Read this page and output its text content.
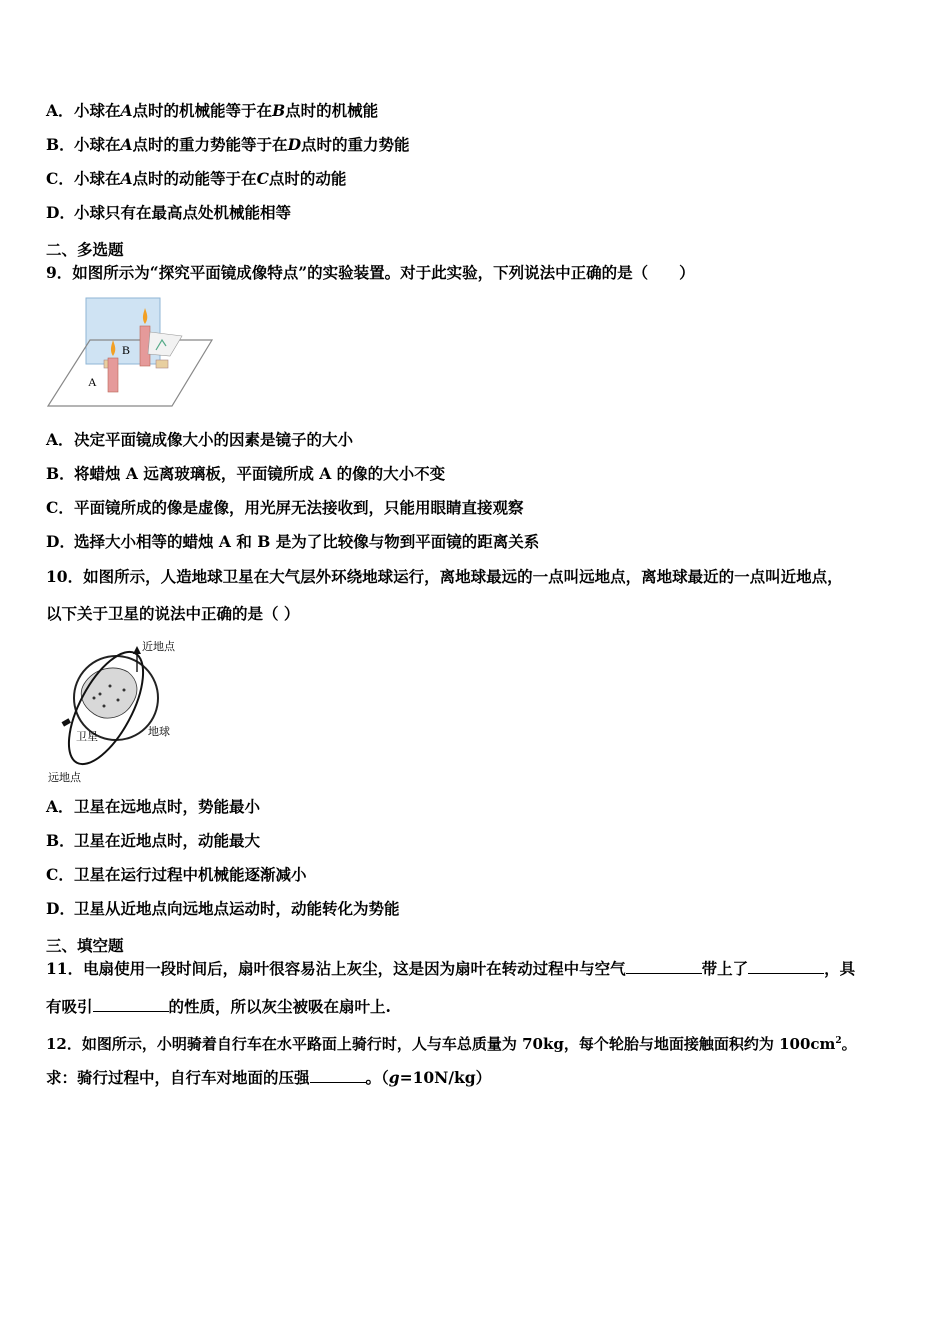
A．小球在A点时的机械能等于在B点时的机械能
B．小球在A点时的重力势能等于在D点时的重力势能
C．小球在A点时的动能等于在C点时的动能
D．小球只有在最高点处机械能相等
二、多选题
9．如图所示为“探究平面镜成像特点”的实验装置。对于此实验，下列说法中正确的是（　　）
A
B
A．决定平面镜成像大小的因素是镜子的大小
B．将蜡烛 A 远离玻璃板，平面镜所成 A 的像的大小不变
C．平面镜所成的像是虚像，用光屏无法接收到，只能用眼睛直接观察
D．选择大小相等的蜡烛 A 和 B 是为了比较像与物到平面镜的距离关系
10．如图所示，人造地球卫星在大气层外环绕地球运行，离地球最远的一点叫远地点，离地球最近的一点叫近地点，
以下关于卫星的说法中正确的是（ ）
近地点
地球
卫星
远地点
A．卫星在远地点时，势能最小
B．卫星在近地点时，动能最大
C．卫星在运行过程中机械能逐渐减小
D．卫星从近地点向远地点运动时，动能转化为势能
三、填空题
11．电扇使用一段时间后，扇叶很容易沾上灰尘，这是因为扇叶在转动过程中与空气	带上了	，具
有吸引	的性质，所以灰尘被吸在扇叶上.
12．如图所示，小明骑着自行车在水平路面上骑行时，人与车总质量为 70kg，每个轮胎与地面接触面积约为 $100cm^2$。
求：骑行过程中，自行车对地面的压强	。（g=10N/kg）
